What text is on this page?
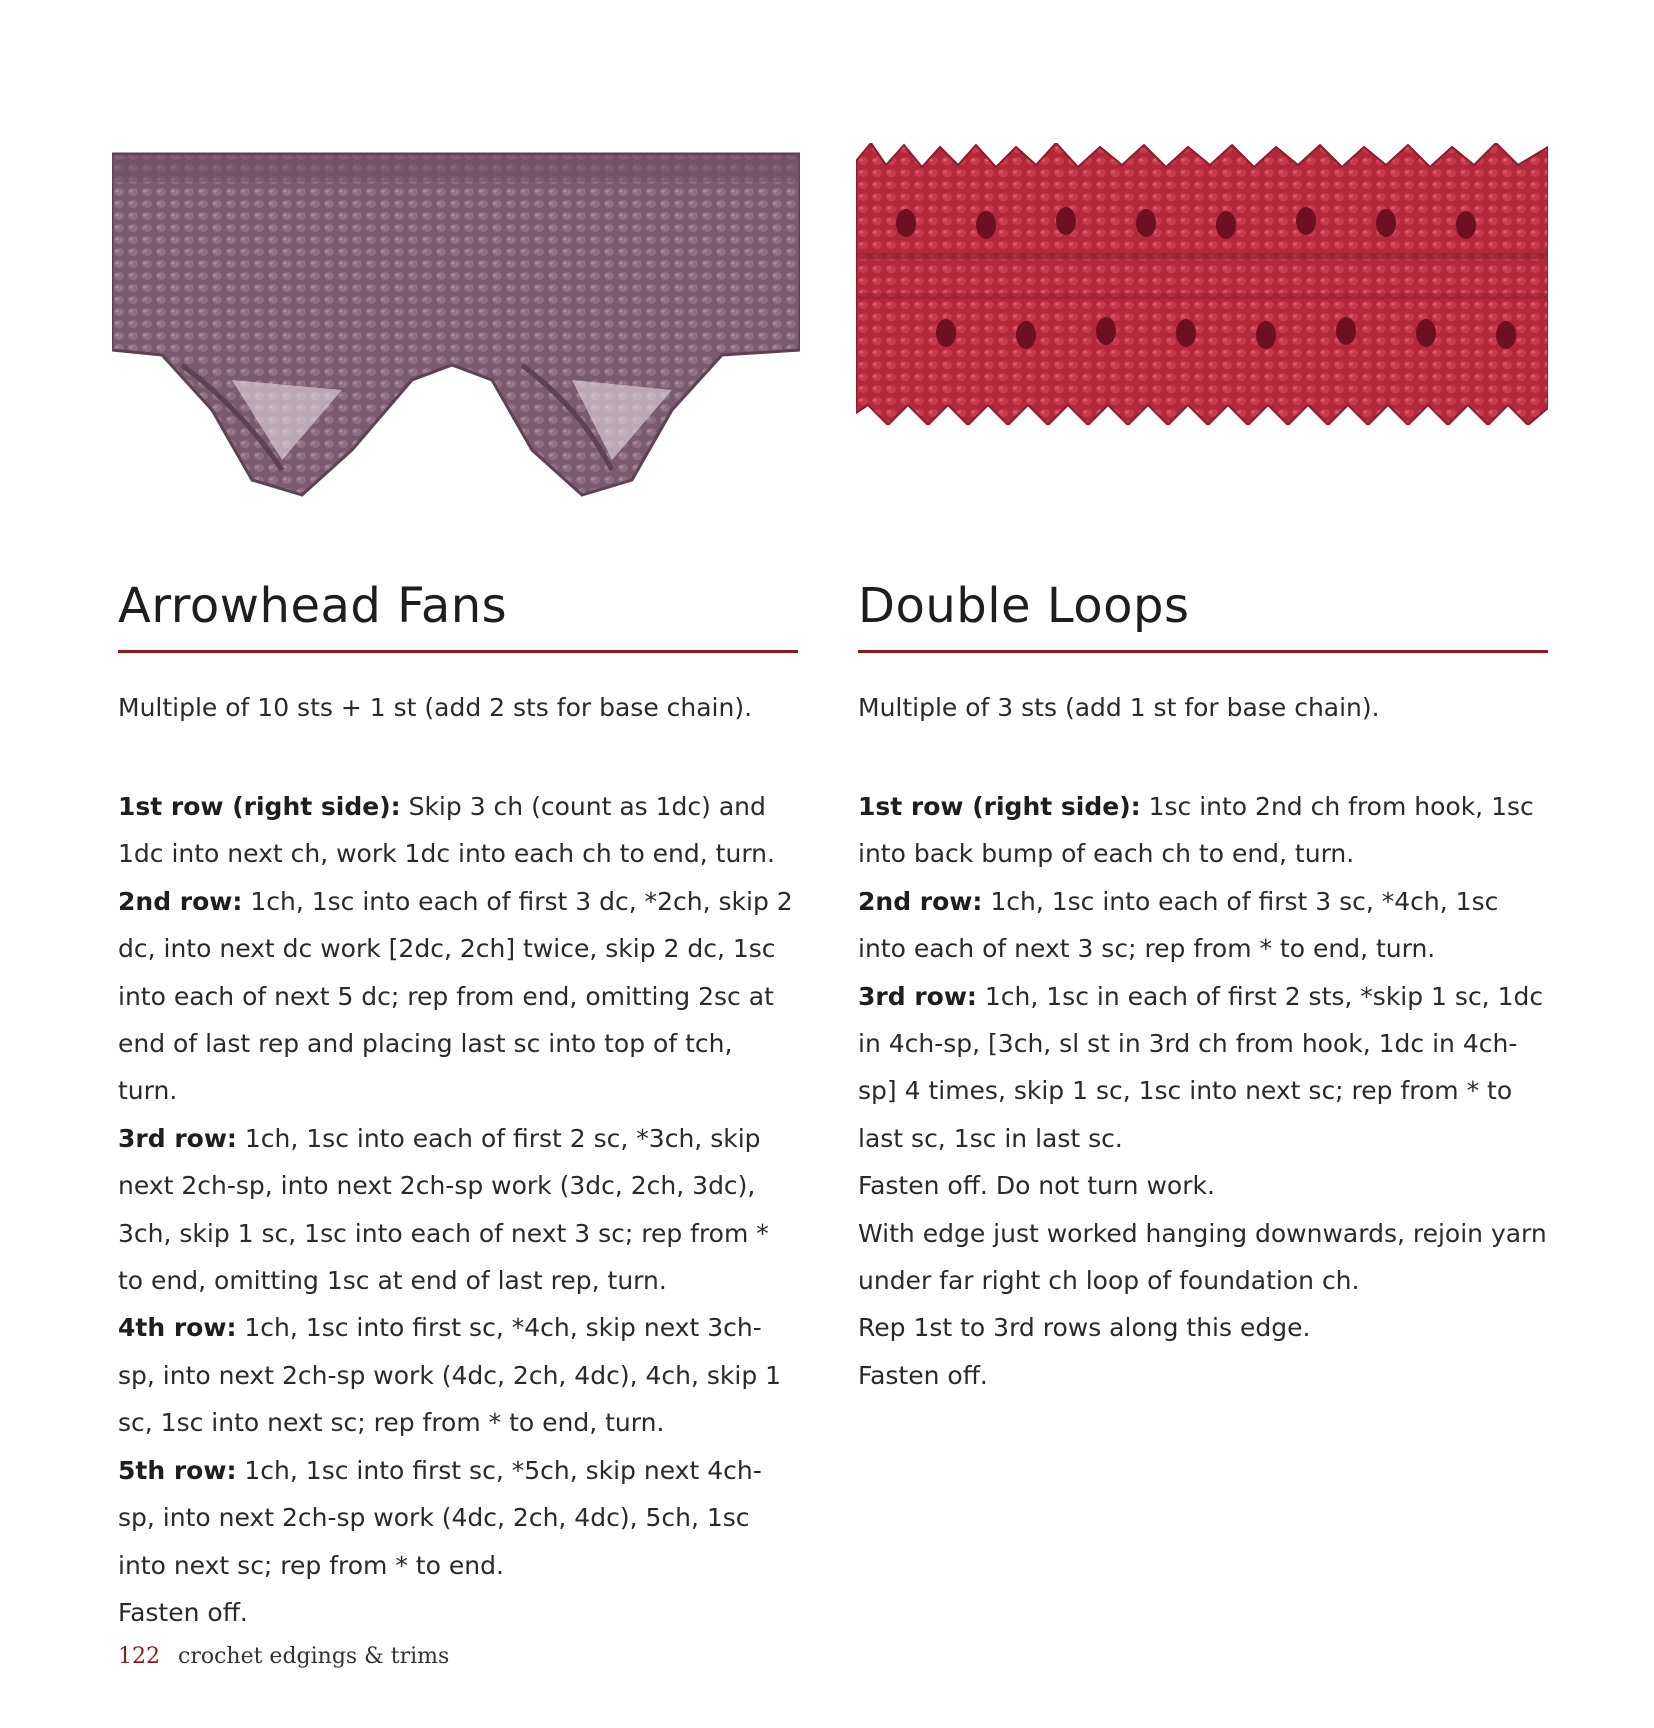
Arrowhead Fans

Multiple of 10 sts + 1 st (add 2 sts for base chain).

1st row (right side): Skip 3 ch (count as 1dc) and 1dc into next ch, work 1dc into each ch to end, turn.

2nd row: 1ch, 1sc into each of first 3 dc, *2ch, skip 2 dc, into next dc work [2dc, 2ch] twice, skip 2 dc, 1sc into each of next 5 dc; rep from end, omitting 2sc at end of last rep and placing last sc into top of tch, turn.

3rd row: 1ch, 1sc into each of first 2 sc, *3ch, skip next 2ch-sp, into next 2ch-sp work (3dc, 2ch, 3dc), 3ch, skip 1 sc, 1sc into each of next 3 sc; rep from * to end, omitting 1sc at end of last rep, turn.

4th row: 1ch, 1sc into first sc, *4ch, skip next 3ch-sp, into next 2ch-sp work (4dc, 2ch, 4dc), 4ch, skip 1 sc, 1sc into next sc; rep from * to end, turn.

5th row: 1ch, 1sc into first sc, *5ch, skip next 4ch-sp, into next 2ch-sp work (4dc, 2ch, 4dc), 5ch, 1sc into next sc; rep from * to end.

Fasten off.

Double Loops

Multiple of 3 sts (add 1 st for base chain).

1st row (right side): 1sc into 2nd ch from hook, 1sc into back bump of each ch to end, turn.

2nd row: 1ch, 1sc into each of first 3 sc, *4ch, 1sc into each of next 3 sc; rep from * to end, turn.

3rd row: 1ch, 1sc in each of first 2 sts, *skip 1 sc, 1dc in 4ch-sp, [3ch, sl st in 3rd ch from hook, 1dc in 4ch-sp] 4 times, skip 1 sc, 1sc into next sc; rep from * to last sc, 1sc in last sc.

Fasten off. Do not turn work.

With edge just worked hanging downwards, rejoin yarn under far right ch loop of foundation ch.

Rep 1st to 3rd rows along this edge.

Fasten off.

122 crochet edgings & trims
